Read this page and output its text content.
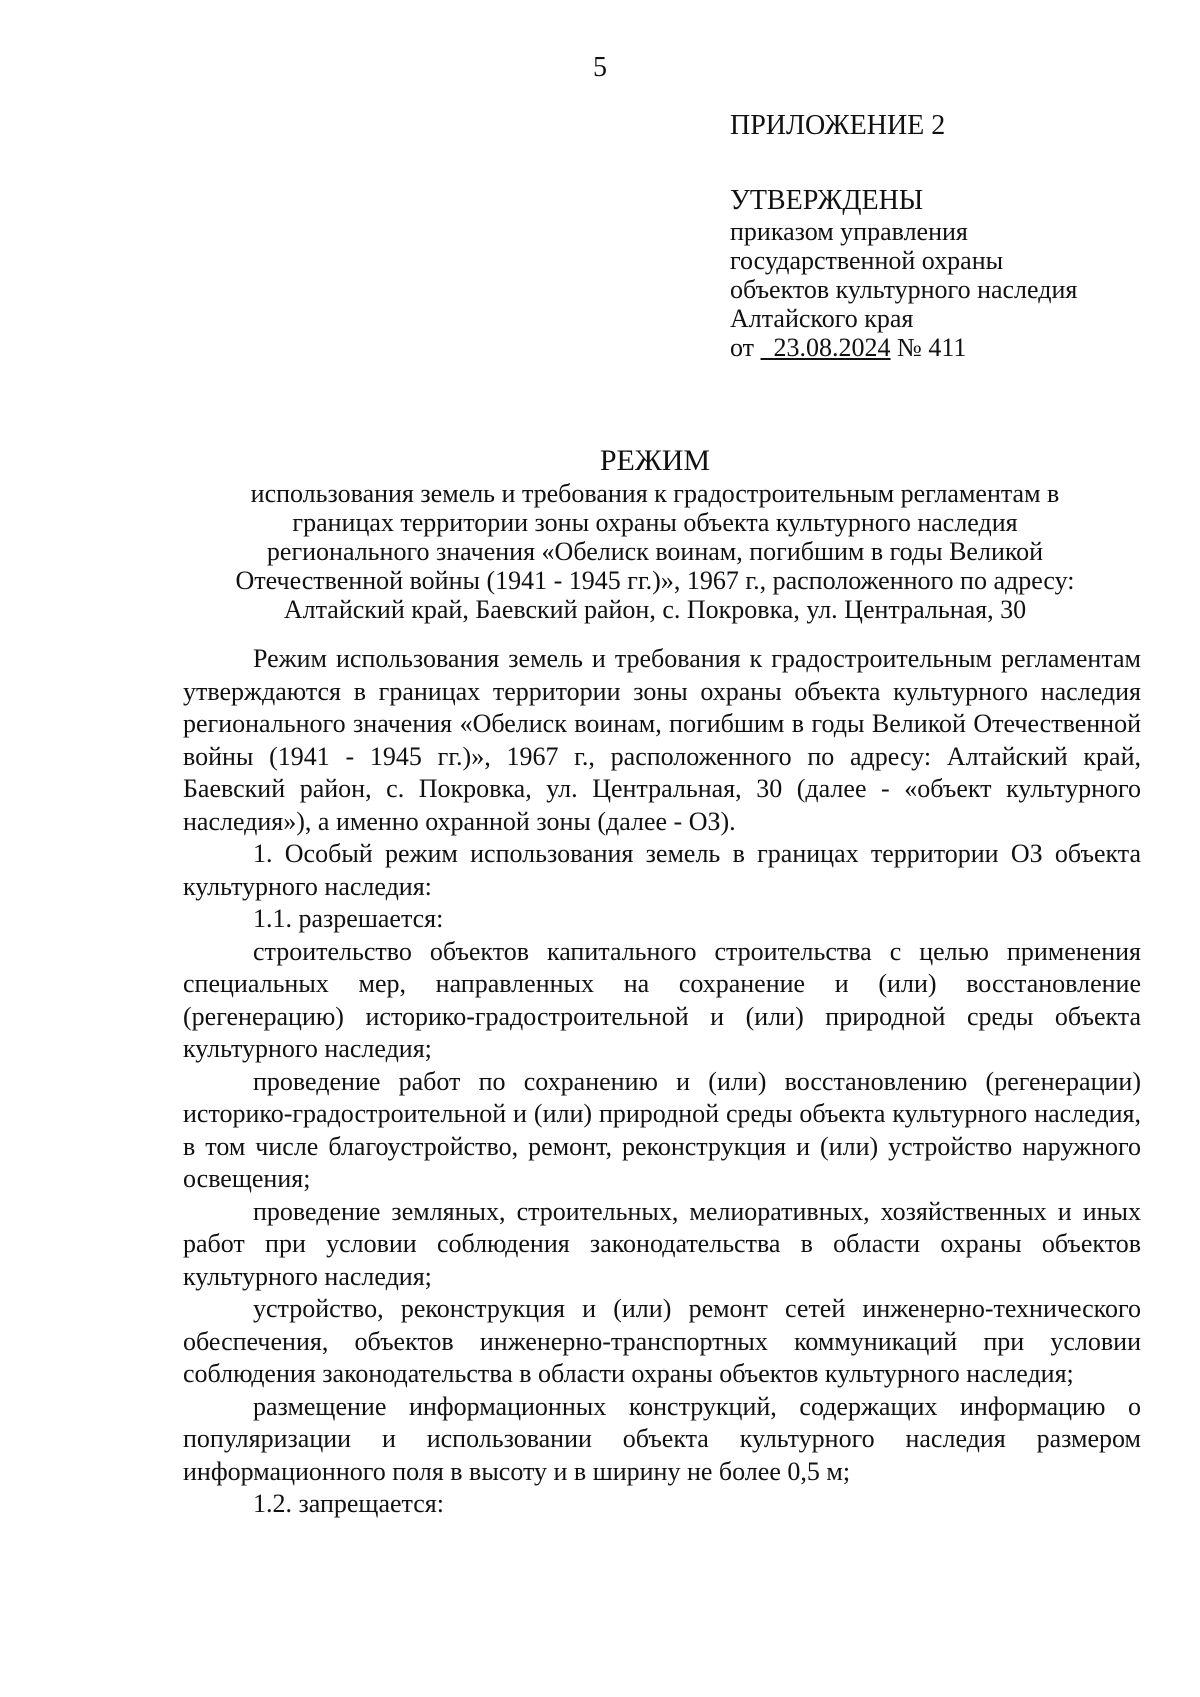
5
ПРИЛОЖЕНИЕ 2
УТВЕРЖДЕНЫ
приказом управления
государственной охраны
объектов культурного наследия
Алтайского края
от 23.08.2024 № 411
РЕЖИМ
использования земель и требования к градостроительным регламентам в границах территории зоны охраны объекта культурного наследия регионального значения «Обелиск воинам, погибшим в годы Великой Отечественной войны (1941 - 1945 гг.)», 1967 г., расположенного по адресу: Алтайский край, Баевский район, с. Покровка, ул. Центральная, 30

Режим использования земель и требования к градостроительным регламентам утверждаются в границах территории зоны охраны объекта культурного наследия регионального значения «Обелиск воинам, погибшим в годы Великой Отечественной войны (1941 - 1945 гг.)», 1967 г., расположенного по адресу: Алтайский край, Баевский район, с. Покровка, ул. Центральная, 30 (далее - «объект культурного наследия»), а именно охранной зоны (далее - ОЗ).

1. Особый режим использования земель в границах территории ОЗ объекта культурного наследия:

1.1. разрешается:

строительство объектов капитального строительства с целью применения специальных мер, направленных на сохранение и (или) восстановление (регенерацию) историко-градостроительной и (или) природной среды объекта культурного наследия;

проведение работ по сохранению и (или) восстановлению (регенерации) историко-градостроительной и (или) природной среды объекта культурного наследия, в том числе благоустройство, ремонт, реконструкция и (или) устройство наружного освещения;

проведение земляных, строительных, мелиоративных, хозяйственных и иных работ при условии соблюдения законодательства в области охраны объектов культурного наследия;

устройство, реконструкция и (или) ремонт сетей инженерно-технического обеспечения, объектов инженерно-транспортных коммуникаций при условии соблюдения законодательства в области охраны объектов культурного наследия;

размещение информационных конструкций, содержащих информацию о популяризации и использовании объекта культурного наследия размером информационного поля в высоту и в ширину не более 0,5 м;

1.2. запрещается:
